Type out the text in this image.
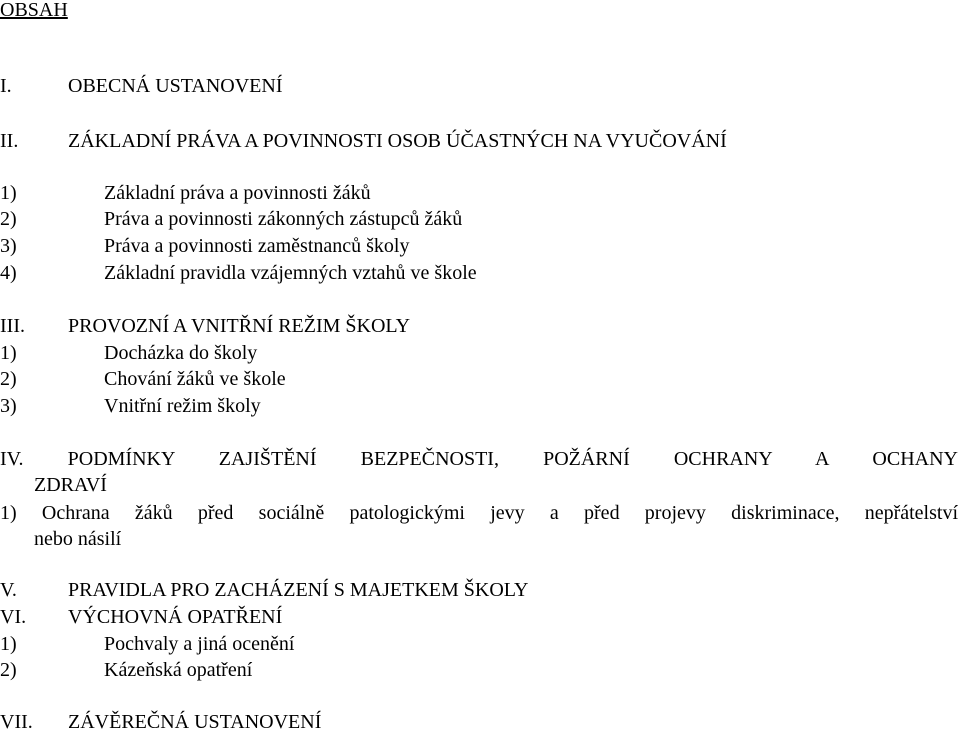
OBSAH
I.	OBECNÁ USTANOVENÍ
II. ZÁKLADNÍ PRÁVA A POVINNOSTI OSOB ÚČASTNÝCH NA VYUČOVÁNÍ
1)	Základní práva a povinnosti žáků
2)	Práva a povinnosti zákonných zástupců žáků
3)	Práva a povinnosti zaměstnanců školy
4)	Základní pravidla vzájemných vztahů ve škole
III. PROVOZNÍ A VNITŘNÍ REŽIM ŠKOLY
1)	Docházka do školy
2)	Chování žáků ve škole
3)	Vnitřní režim školy
IV. PODMÍNKY ZAJIŠTĚNÍ BEZPEČNOSTI, POŽÁRNÍ OCHRANY A OCHANY
ZDRAVÍ
1) Ochrana žáků před sociálně patologickými jevy a před projevy diskriminace, nepřátelství
nebo násilí
V.	PRAVIDLA PRO ZACHÁZENÍ S MAJETKEM ŠKOLY
VI. VÝCHOVNÁ OPATŘENÍ
1)	Pochvaly a jiná ocenění
2)	Kázeňská opatření
VII. ZÁVĚREČNÁ USTANOVENÍ
